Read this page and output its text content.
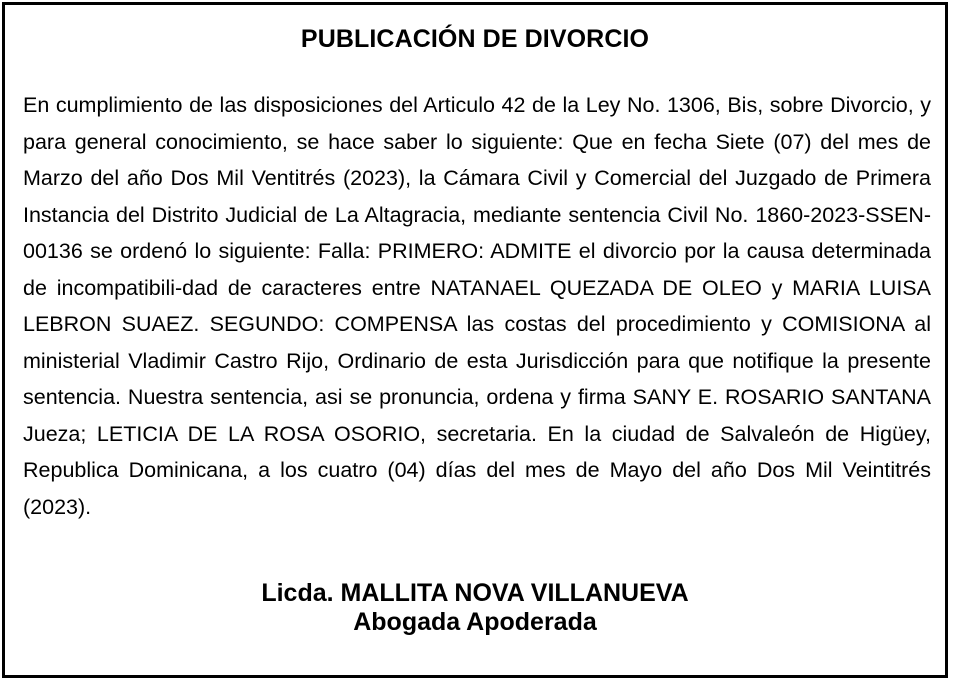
PUBLICACIÓN DE DIVORCIO

En cumplimiento de las disposiciones del Articulo 42 de la Ley No. 1306, Bis, sobre Divorcio, y para general conocimiento, se hace saber lo siguiente: Que en fecha Siete (07) del mes de Marzo del año Dos Mil Ventitrés (2023), la Cámara Civil y Comercial del Juzgado de Primera Instancia del Distrito Judicial de La Altagracia, mediante sentencia Civil No. 1860-2023-SSEN-00136 se ordenó lo siguiente: Falla: PRIMERO: ADMITE el divorcio por la causa determinada de incompatibili-dad de caracteres entre NATANAEL QUEZADA DE OLEO y MARIA LUISA LEBRON SUAEZ. SEGUNDO: COMPENSA las costas del procedimiento y COMISIONA al ministerial Vladimir Castro Rijo, Ordinario de esta Jurisdicción para que notifique la presente sentencia. Nuestra sentencia, asi se pronuncia, ordena y firma SANY E. ROSARIO SANTANA Jueza; LETICIA DE LA ROSA OSORIO, secretaria. En la ciudad de Salvaleón de Higüey, Republica Dominicana, a los cuatro (04) días del mes de Mayo del año Dos Mil Veintitrés (2023).

Licda. MALLITA NOVA VILLANUEVA
Abogada Apoderada
